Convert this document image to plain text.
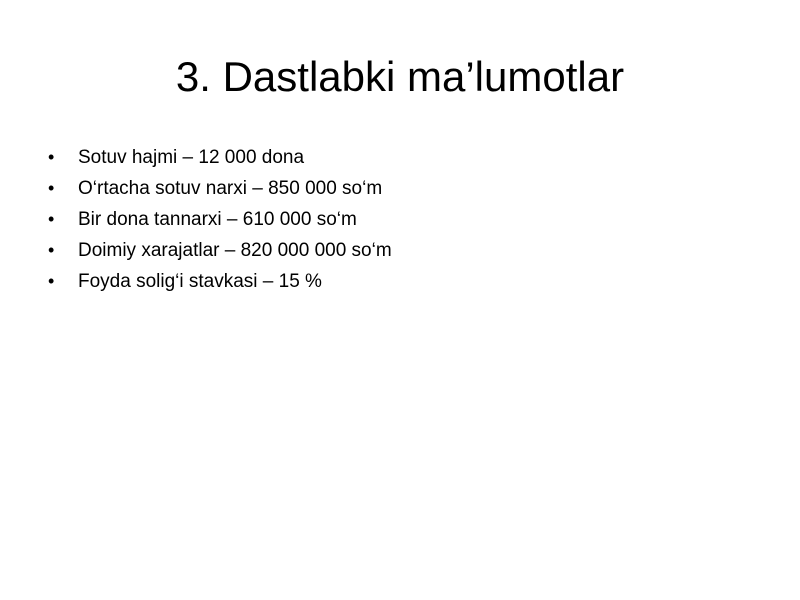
3. Dastlabki ma’lumotlar
•	Sotuv hajmi – 12 000 dona
•	O‘rtacha sotuv narxi – 850 000 so‘m
•	Bir dona tannarxi – 610 000 so‘m
•	Doimiy xarajatlar – 820 000 000 so‘m
•	Foyda solig‘i stavkasi – 15 %
